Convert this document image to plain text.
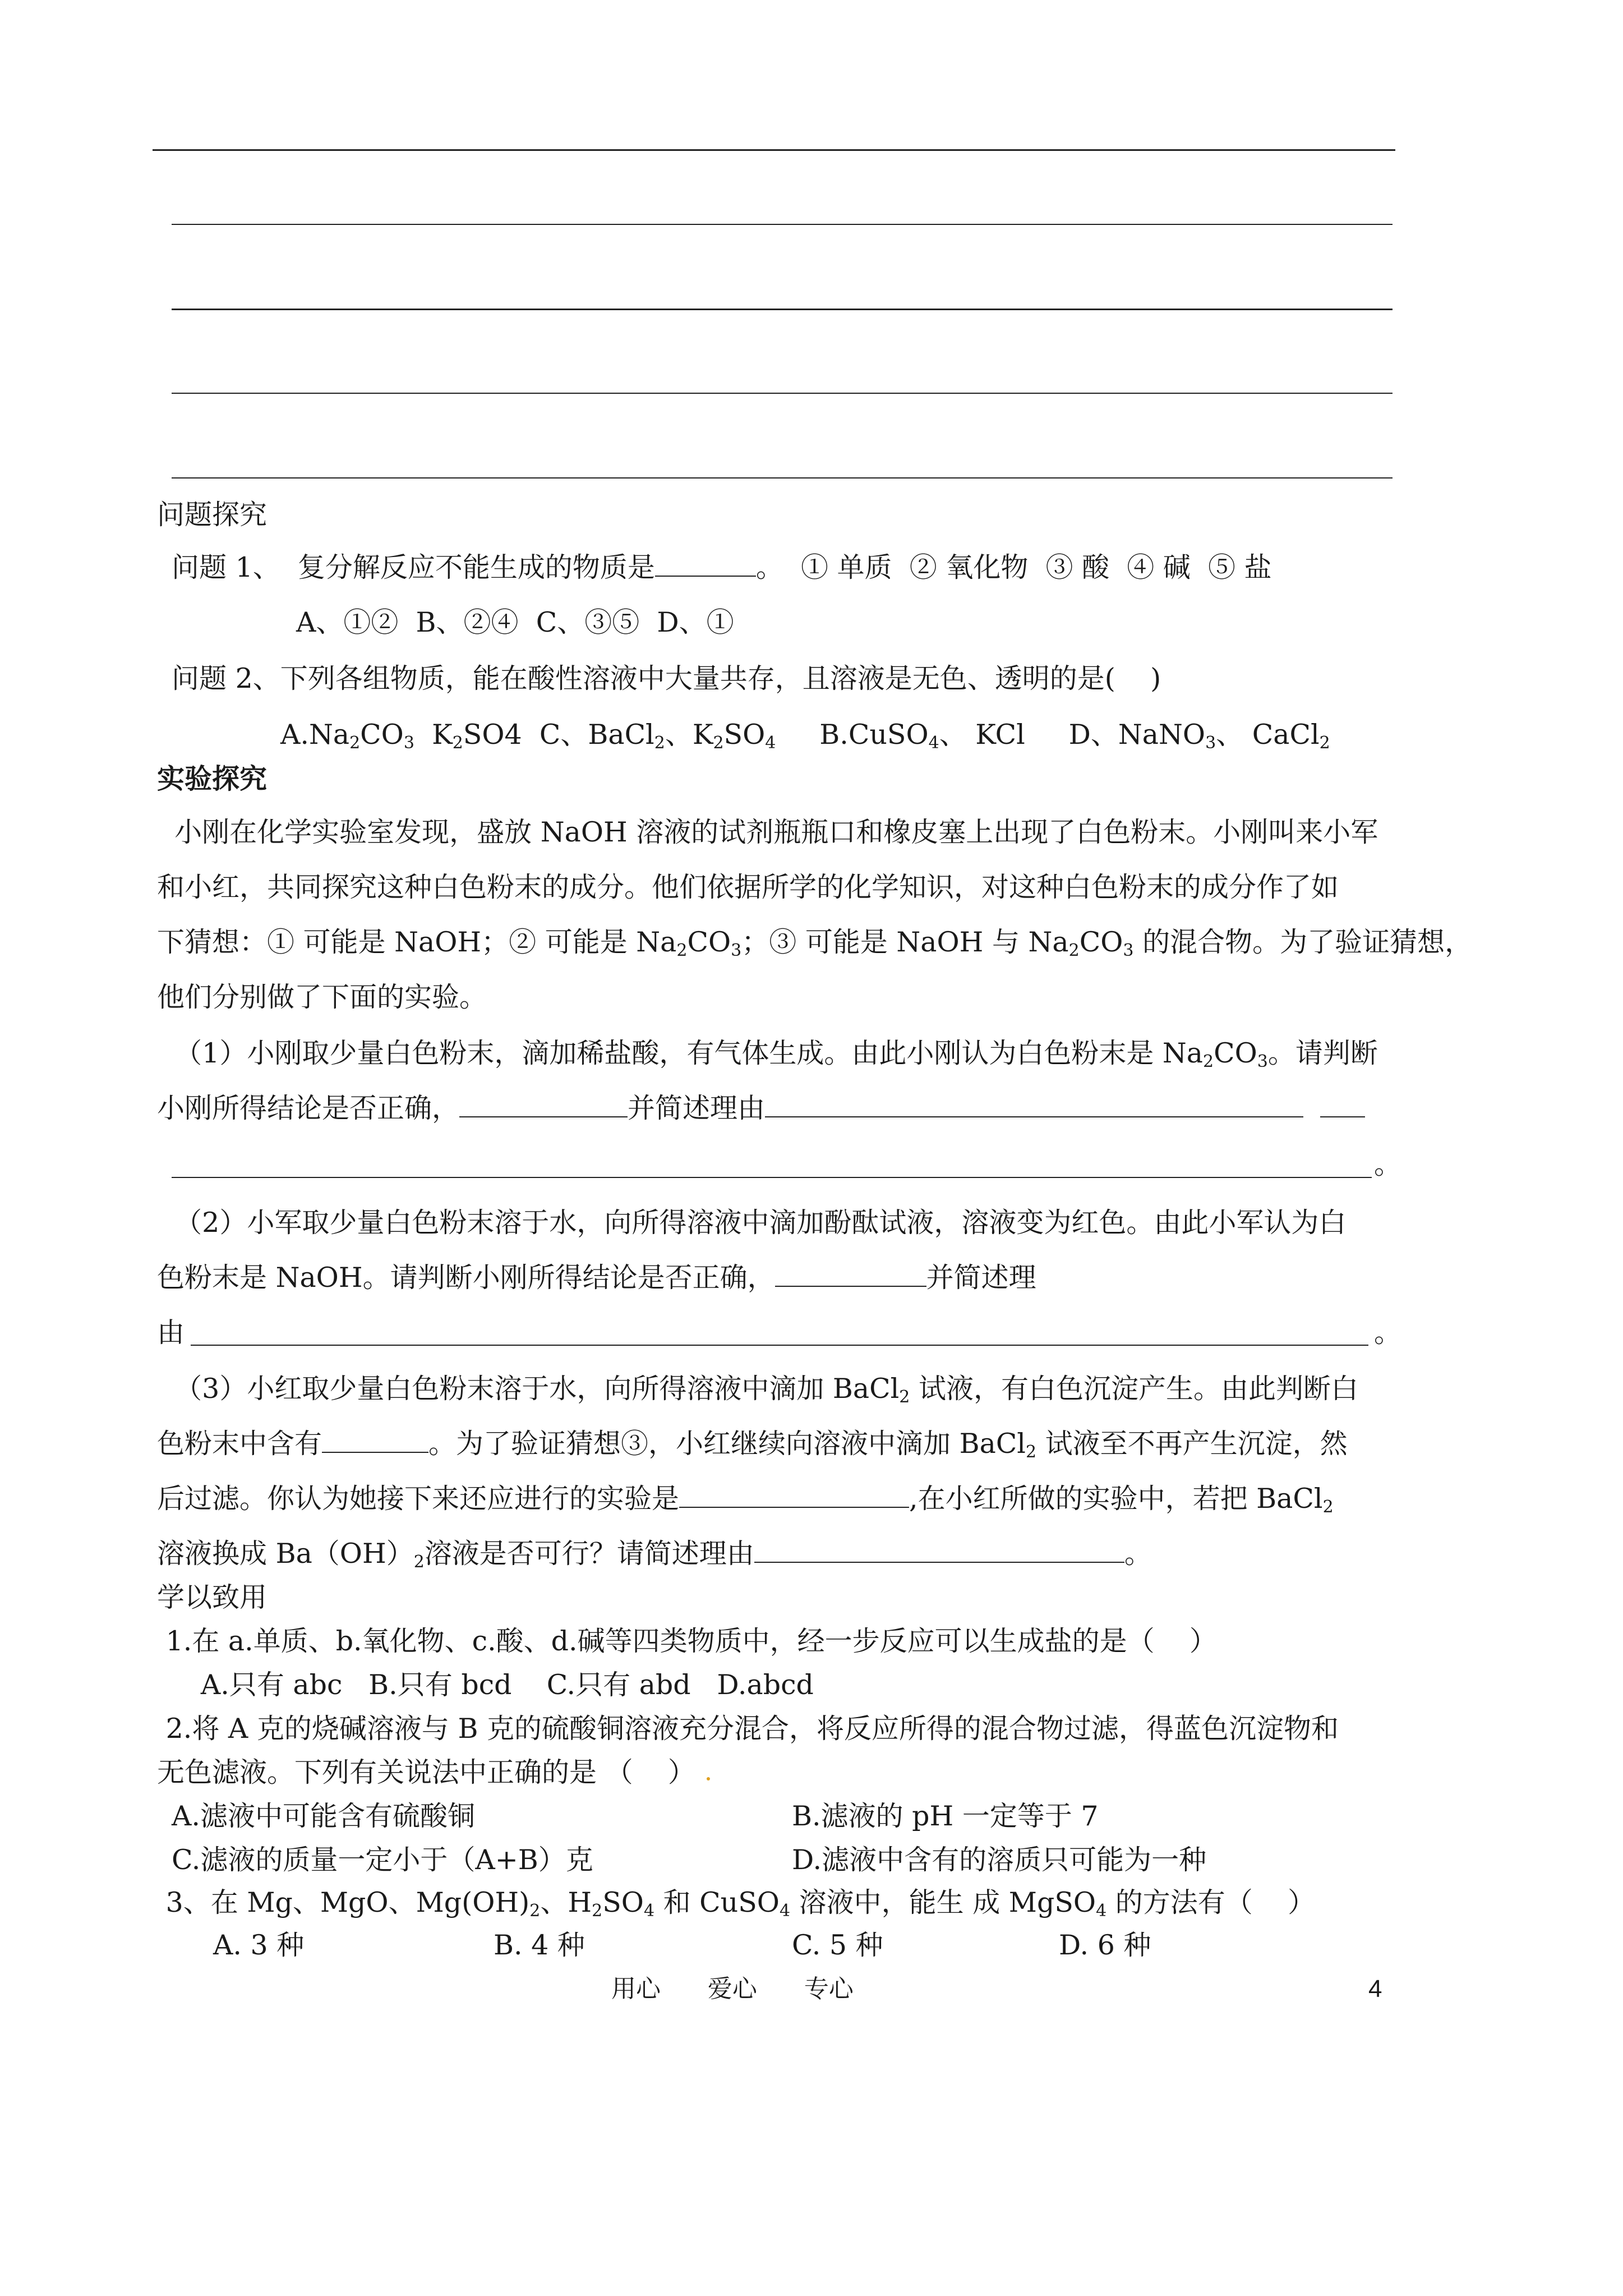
问题探究
问题 1、  复分解反应不能生成的物质是	。  ① 单质  ② 氧化物  ③ 酸  ④ 碱  ⑤ 盐
A、①②  B、②④  C、③⑤  D、①
问题 2、下列各组物质，能在酸性溶液中大量共存，且溶液是无色、透明的是(    )
$A.Na_2CO_3$  $K_2SO4$  C、BaCl$_2$、$K_2SO_4$     B.CuSO$_4$、 KCl     D、NaNO$_3$、 CaCl$_2$
实验探究
小刚在化学实验室发现，盛放 NaOH 溶液的试剂瓶瓶口和橡皮塞上出现了白色粉末。小刚叫来小军
和小红，共同探究这种白色粉末的成分。他们依据所学的化学知识，对这种白色粉末的成分作了如
下猜想：① 可能是 NaOH；② 可能是 $Na_2CO_3$；③ 可能是 NaOH 与 $Na_2CO_3$ 的混合物。为了验证猜想，
他们分别做了下面的实验。
（1）小刚取少量白色粉末，滴加稀盐酸，有气体生成。由此小刚认为白色粉末是 $Na_2CO_3$。请判断
小刚所得结论是否正确，	并简述理由
。
（2）小军取少量白色粉末溶于水，向所得溶液中滴加酚酞试液，溶液变为红色。由此小军认为白
色粉末是 NaOH。请判断小刚所得结论是否正确，	并简述理
由	。
（3）小红取少量白色粉末溶于水，向所得溶液中滴加 BaCl$_2$ 试液，有白色沉淀产生。由此判断白
色粉末中含有	。为了验证猜想③，小红继续向溶液中滴加 BaCl$_2$ 试液至不再产生沉淀，然
后过滤。你认为她接下来还应进行的实验是	,在小红所做的实验中，若把 BaCl$_2$
溶液换成 $Ba(OH)_2$溶液是否可行？请简述理由	。
学以致用
1.在 a.单质、b.氧化物、c.酸、d.碱等四类物质中，经一步反应可以生成盐的是（    ）
A.只有 abc   B.只有 bcd    C.只有 abd   D.abcd
2.将 A 克的烧碱溶液与 B 克的硫酸铜溶液充分混合，将反应所得的混合物过滤，得蓝色沉淀物和
无色滤液。下列有关说法中正确的是 （    ）
A.滤液中可能含有硫酸铜	B.滤液的 pH 一定等于 7
C.滤液的质量一定小于（A+B）克	D.滤液中含有的溶质只可能为一种
3、在 Mg、MgO、$Mg(OH)_2$、$H_2SO_4$ 和 CuSO$_4$ 溶液中，能生 成 MgSO$_4$ 的方法有（    ）
A. 3 种	B. 4 种	C. 5 种	D. 6 种
用心      爱心      专心	4
